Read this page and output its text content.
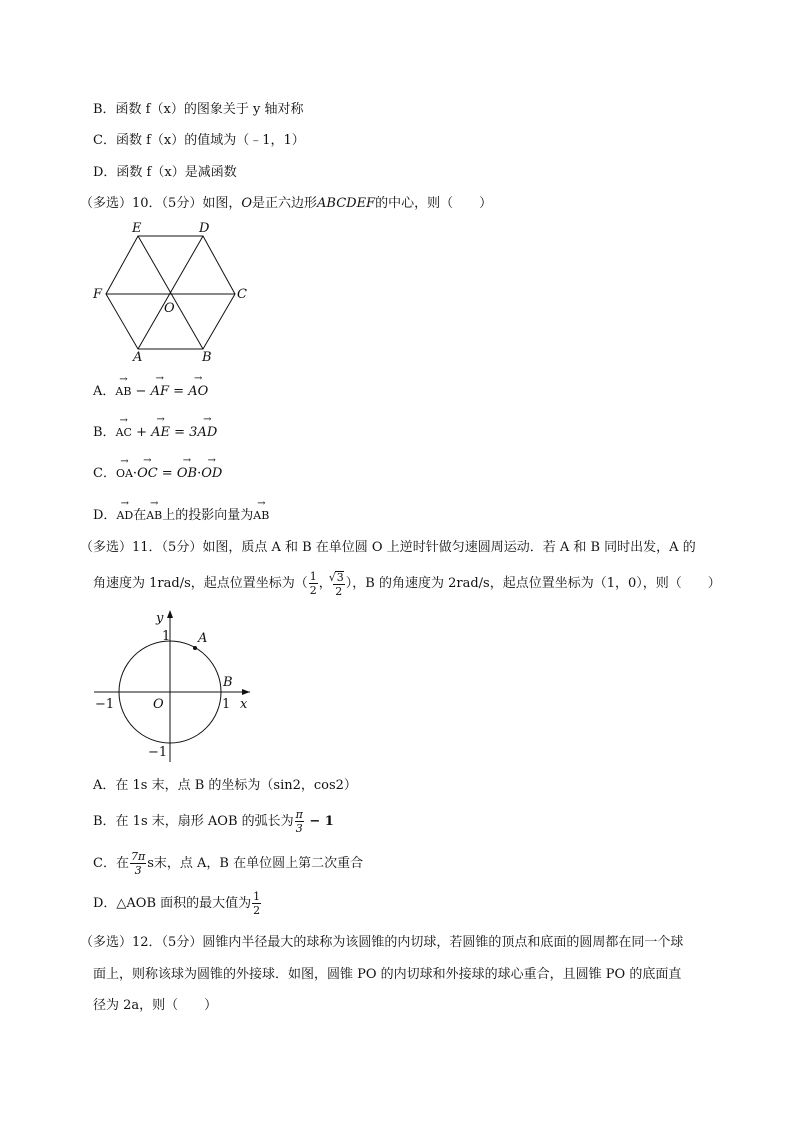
B．函数 f（x）的图象关于 y 轴对称
C．函数 f（x）的值域为（﹣1，1）
D．函数 f（x）是减函数
（多选）10．（5分）如图，O是正六边形ABCDEF的中心，则（　　）
E	D
F	C
O
A	B
A．→ AB − → AF = → AO
B．→ AC + → AE = 3→ AD
C．→ OA·→ OC = → OB·→ OD
D．→ AD在→ AB上的投影向量为→ AB
（多选）11．（5分）如图，质点 A 和 B 在单位圆 O 上逆时针做匀速圆周运动．若 A 和 B 同时出发，A 的
角速度为 1rad/s，起点位置坐标为（ $\frac{1}{2}$ ，
√ $\frac{3}{2}$ ），B 的角速度为 2rad/s，起点位置坐标为（1，0），则（　　）
y
1 A
B
−1	O	1 x
−1
A．在 1s 末，点 B 的坐标为（sin2，cos2）
B．在 1s 末，扇形 AOB 的弧长为 $\frac{\pi}{3} - 1$
C．在 $\frac{7\pi}{3}$ s末，点 A，B 在单位圆上第二次重合
D．△AOB 面积的最大值为 $\frac{1}{2}$
（多选）12．（5分）圆锥内半径最大的球称为该圆锥的内切球，若圆锥的顶点和底面的圆周都在同一个球
面上，则称该球为圆锥的外接球．如图，圆锥 PO 的内切球和外接球的球心重合，且圆锥 PO 的底面直
径为 2a，则（　　）
